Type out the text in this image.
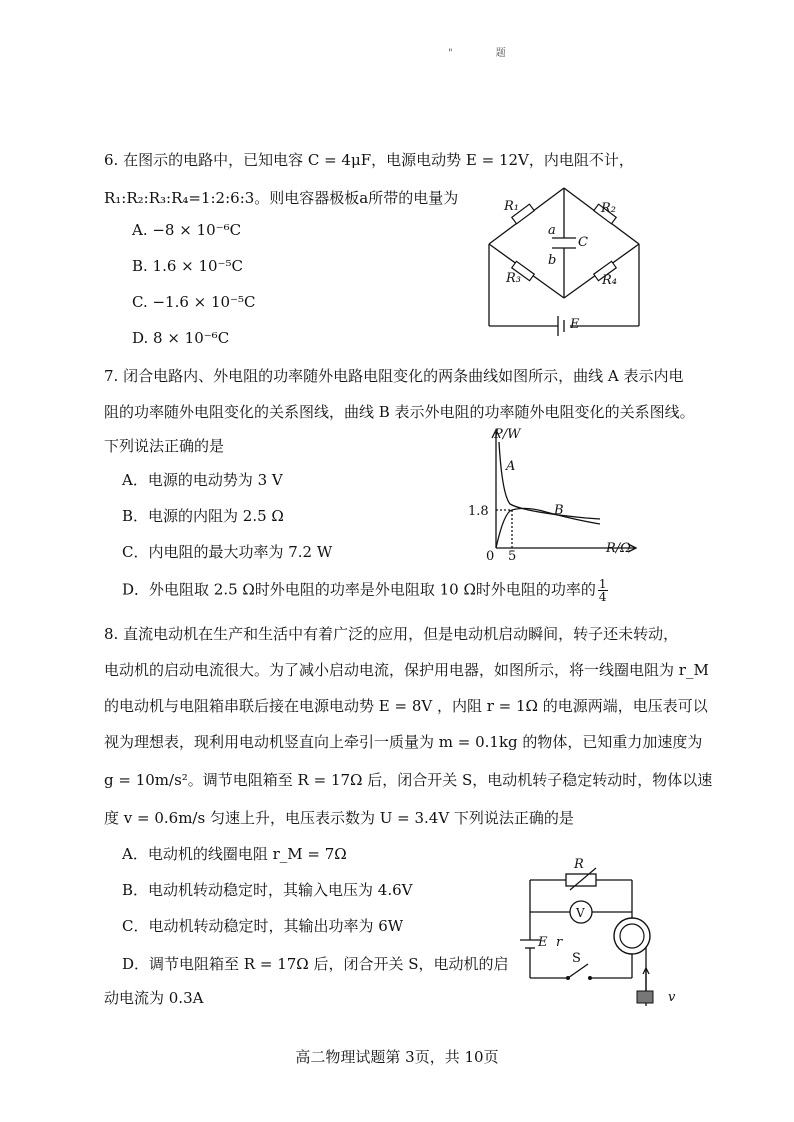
" 题
6. 在图示的电路中，已知电容 C = 4μF，电源电动势 E = 12V，内电阻不计，
R₁:R₂:R₃:R₄=1:2:6:3。则电容器极板a所带的电量为
A. −8 × 10⁻⁶C
B. 1.6 × 10⁻⁵C
C. −1.6 × 10⁻⁵C
D. 8 × 10⁻⁶C
R₁	R₂
R₃	R₄
a
b
C
E
7. 闭合电路内、外电阻的功率随外电路电阻变化的两条曲线如图所示，曲线 A 表示内电
阻的功率随外电阻变化的关系图线，曲线 B 表示外电阻的功率随外电阻变化的关系图线。
下列说法正确的是
A．电源的电动势为 3 V
B．电源的内阻为 2.5 Ω
C．内电阻的最大功率为 7.2 W
D．外电阻取 2.5 Ω时外电阻的功率是外电阻取 10 Ω时外电阻的功率的 $\frac{1}{4}$
P/W
R/Ω
A
B
1.8
5
0
8. 直流电动机在生产和生活中有着广泛的应用，但是电动机启动瞬间，转子还未转动，
电动机的启动电流很大。为了减小启动电流，保护用电器，如图所示，将一线圈电阻为 r_M
的电动机与电阻箱串联后接在电源电动势 E = 8V ，内阻 r = 1Ω 的电源两端，电压表可以
视为理想表，现利用电动机竖直向上牵引一质量为 m = 0.1kg 的物体，已知重力加速度为
g = 10m/s²。调节电阻箱至 R = 17Ω 后，闭合开关 S，电动机转子稳定转动时，物体以速
度 v = 0.6m/s 匀速上升，电压表示数为 U = 3.4V 下列说法正确的是
A．电动机的线圈电阻 r_M = 7Ω
B．电动机转动稳定时，其输入电压为 4.6V
C．电动机转动稳定时，其输出功率为 6W
D．调节电阻箱至 R = 17Ω 后，闭合开关 S，电动机的启
动电流为 0.3A
R
V
E r
S
v
高二物理试题第 3页，共 10页
